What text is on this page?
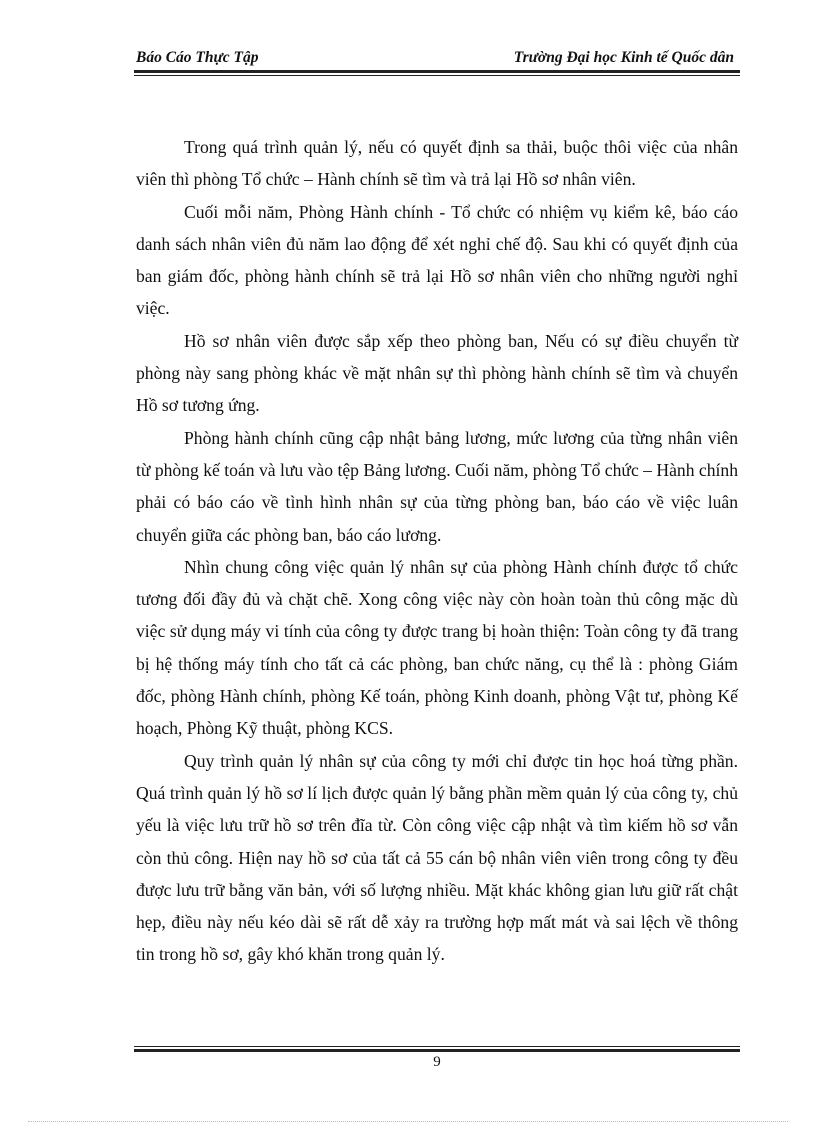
Báo Cáo Thực Tập	Trường Đại học Kinh tế Quốc dân

Trong quá trình quản lý, nếu có quyết định sa thải, buộc thôi việc của nhân viên thì phòng Tổ chức – Hành chính sẽ tìm và trả lại Hồ sơ nhân viên.

Cuối mỗi năm, Phòng Hành chính - Tổ chức có nhiệm vụ kiểm kê, báo cáo danh sách nhân viên đủ năm lao động để xét nghỉ chế độ. Sau khi có quyết định của ban giám đốc, phòng hành chính sẽ trả lại Hồ sơ nhân viên cho những người nghỉ việc.

Hồ sơ nhân viên được sắp xếp theo phòng ban, Nếu có sự điều chuyển từ phòng này sang phòng khác về mặt nhân sự thì phòng hành chính sẽ tìm và chuyển Hồ sơ tương ứng.

Phòng hành chính cũng cập nhật bảng lương, mức lương của từng nhân viên từ phòng kế toán và lưu vào tệp Bảng lương. Cuối năm, phòng Tổ chức – Hành chính phải có báo cáo về tình hình nhân sự của từng phòng ban, báo cáo về việc luân chuyển giữa các phòng ban, báo cáo lương.

Nhìn chung công việc quản lý nhân sự của phòng Hành chính được tổ chức tương đối đầy đủ và chặt chẽ. Xong công việc này còn hoàn toàn thủ công mặc dù việc sử dụng máy vi tính của công ty được trang bị hoàn thiện: Toàn công ty đã trang bị hệ thống máy tính cho tất cả các phòng, ban chức năng, cụ thể là : phòng Giám đốc, phòng Hành chính, phòng Kế toán, phòng Kinh doanh, phòng Vật tư, phòng Kế hoạch, Phòng Kỹ thuật, phòng KCS.

Quy trình quản lý nhân sự của công ty mới chỉ được tin học hoá từng phần. Quá trình quản lý hồ sơ lí lịch được quản lý bằng phần mềm quản lý của công ty, chủ yếu là việc lưu trữ hồ sơ trên đĩa từ. Còn công việc cập nhật và tìm kiếm hồ sơ vẫn còn thủ công. Hiện nay hồ sơ của tất cả 55 cán bộ nhân viên viên trong công ty đều được lưu trữ bằng văn bản, với số lượng nhiều. Mặt khác không gian lưu giữ rất chật hẹp, điều này nếu kéo dài sẽ rất dễ xảy ra trường hợp mất mát và sai lệch về thông tin trong hồ sơ, gây khó khăn trong quản lý.

9
